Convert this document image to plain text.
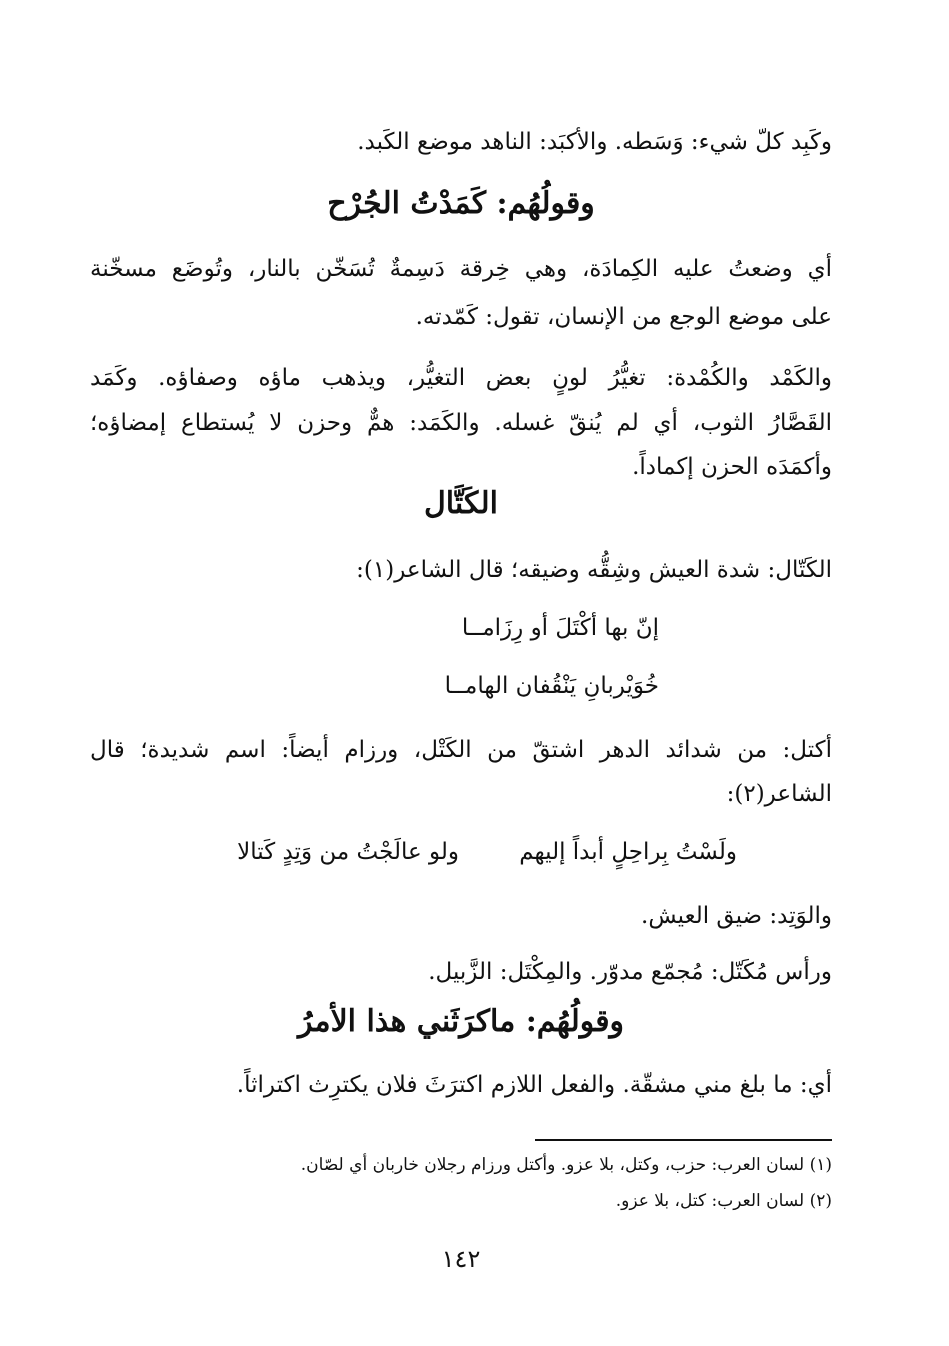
وكَبِد كلّ شيء: وَسَطه. والأكبَد: الناهد موضع الكَبد.
وقولُهُم: كَمَدْتُ الجُرْح
أي وضعتُ عليه الكِمادَة، وهي خِرقة دَسِمةٌ تُسَخّن بالنار، وتُوضَع مسخّنة
على موضع الوجع من الإنسان، تقول: كَمّدته.
والكَمْد والكُمْدة: تغيُّرُ لونٍ بعض التغيُّر، ويذهب ماؤه وصفاؤه. وكَمَد
القَصَّارُ الثوب، أي لم يُنقّ غسله. والكَمَد: همٌّ وحزن لا يُستطاع إمضاؤه؛
وأكمَدَه الحزن إكماداً.
الكَتَّال
الكَتّال: شدة العيش وشِقُّه وضيقه؛ قال الشاعر(١):
إنّ بها أكْتَلَ أو رِزَامــا
خُوَيْربانِ يَنْقُفان الهامــا
أكتل: من شدائد الدهر اشتقّ من الكَتْل، ورزام أيضاً: اسم شديدة؛ قال
الشاعر(٢):
ولَسْتُ بِراحِلٍ أبداً إليهم
ولو عالَجْتُ من وَتِدٍ كَتالا
والوَتِد: ضيق العيش.
ورأس مُكَتّل: مُجمّع مدوّر. والمِكْتَل: الزَّبيل.
وقولُهُم: ماكرَثَني هذا الأمرُ
أي: ما بلغ مني مشقّة. والفعل اللازم اكترَثَ فلان يكترِث اكتراثاً.
(١) لسان العرب: حزب، وكتل، بلا عزو. وأكتل ورزام رجلان خاربان أي لصّان.
(٢) لسان العرب: كتل، بلا عزو.
١٤٢
